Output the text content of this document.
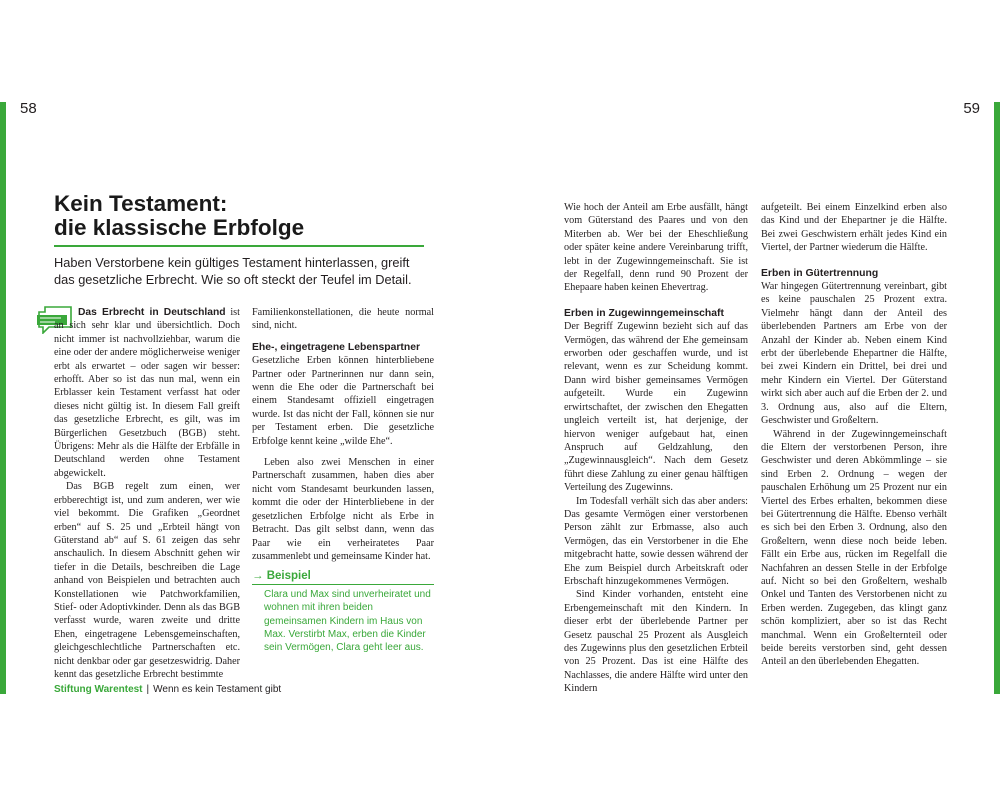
58	59
Kein Testament:
die klassische Erbfolge

Haben Verstorbene kein gültiges Testament hinterlassen, greift das gesetzliche Erbrecht. Wie so oft steckt der Teufel im Detail.

Das Erbrecht in Deutschland ist an sich sehr klar und übersichtlich. Doch nicht immer ist nachvollziehbar, warum die eine oder der andere möglicherweise weniger erbt als erwartet – oder sagen wir besser: erhofft. Aber so ist das nun mal, wenn ein Erblasser kein Testament verfasst hat oder dieses nicht gültig ist. In diesem Fall greift das gesetzliche Erbrecht, es gilt, was im Bürgerlichen Gesetzbuch (BGB) steht. Übrigens: Mehr als die Hälfte der Erbfälle in Deutschland werden ohne Testament abgewickelt.

Das BGB regelt zum einen, wer erbberechtigt ist, und zum anderen, wer wie viel bekommt. Die Grafiken „Geordnet erben“ auf S. 25 und „Erbteil hängt von Güterstand ab“ auf S. 61 zeigen das sehr anschaulich. In diesem Abschnitt gehen wir tiefer in die Details, beschreiben die Lage anhand von Beispielen und betrachten auch Konstellationen wie Patchworkfamilien, Stief- oder Adoptivkinder. Denn als das BGB verfasst wurde, waren zweite und dritte Ehen, eingetragene Lebensgemeinschaften, gleichgeschlechtliche Partnerschaften etc. nicht denkbar oder gar gesetzeswidrig. Daher kennt das gesetzliche Erbrecht bestimmte

Familienkonstellationen, die heute normal sind, nicht.

Ehe-, eingetragene Lebenspartner

Gesetzliche Erben können hinterbliebene Partner oder Partnerinnen nur dann sein, wenn die Ehe oder die Partnerschaft bei einem Standesamt offiziell eingetragen wurde. Ist das nicht der Fall, können sie nur per Testament erben. Die gesetzliche Erbfolge kennt keine „wilde Ehe“.

Leben also zwei Menschen in einer Partnerschaft zusammen, haben dies aber nicht vom Standesamt beurkunden lassen, kommt die oder der Hinterbliebene in der gesetzlichen Erbfolge nicht als Erbe in Betracht. Das gilt selbst dann, wenn das Paar wie ein verheiratetes Paar zusammenlebt und gemeinsame Kinder hat.

→ Beispiel

Clara und Max sind unverheiratet und wohnen mit ihren beiden gemeinsamen Kindern im Haus von Max. Verstirbt Max, erben die Kinder sein Vermögen, Clara geht leer aus.

Stiftung Warentest | Wenn es kein Testament gibt

Wie hoch der Anteil am Erbe ausfällt, hängt vom Güterstand des Paares und von den Miterben ab. Wer bei der Eheschließung oder später keine andere Vereinbarung trifft, lebt in der Zugewinngemeinschaft. Sie ist der Regelfall, denn rund 90 Prozent der Ehepaare haben keinen Ehevertrag.

Erben in Zugewinngemeinschaft

Der Begriff Zugewinn bezieht sich auf das Vermögen, das während der Ehe gemeinsam erworben oder geschaffen wurde, und ist relevant, wenn es zur Scheidung kommt. Dann wird bisher gemeinsames Vermögen aufgeteilt. Wurde ein Zugewinn erwirtschaftet, der zwischen den Ehegatten ungleich verteilt ist, hat derjenige, der hiervon weniger aufgebaut hat, einen Anspruch auf Geldzahlung, den „Zugewinnausgleich“. Nach dem Gesetz führt diese Zahlung zu einer genau hälftigen Verteilung des Zugewinns.

Im Todesfall verhält sich das aber anders: Das gesamte Vermögen einer verstorbenen Person zählt zur Erbmasse, also auch Vermögen, das ein Verstorbener in die Ehe mitgebracht hatte, sowie dessen während der Ehe zum Beispiel durch Arbeitskraft oder Erbschaft hinzugekommenes Vermögen.

Sind Kinder vorhanden, entsteht eine Erbengemeinschaft mit den Kindern. In dieser erbt der überlebende Partner per Gesetz pauschal 25 Prozent als Ausgleich des Zugewinns plus den gesetzlichen Erbteil von 25 Prozent. Das ist eine Hälfte des Nachlasses, die andere Hälfte wird unter den Kindern

aufgeteilt. Bei einem Einzelkind erben also das Kind und der Ehepartner je die Hälfte. Bei zwei Geschwistern erhält jedes Kind ein Viertel, der Partner wiederum die Hälfte.

Erben in Gütertrennung

War hingegen Gütertrennung vereinbart, gibt es keine pauschalen 25 Prozent extra. Vielmehr hängt dann der Anteil des überlebenden Partners am Erbe von der Anzahl der Kinder ab. Neben einem Kind erbt der überlebende Ehepartner die Hälfte, bei zwei Kindern ein Drittel, bei drei und mehr Kindern ein Viertel. Der Güterstand wirkt sich aber auch auf die Erben der 2. und 3. Ordnung aus, also auf die Eltern, Geschwister und Großeltern.

Während in der Zugewinngemeinschaft die Eltern der verstorbenen Person, ihre Geschwister und deren Abkömmlinge – sie sind Erben 2. Ordnung – wegen der pauschalen Erhöhung um 25 Prozent nur ein Viertel des Erbes erhalten, bekommen diese bei Gütertrennung die Hälfte. Ebenso verhält es sich bei den Erben 3. Ordnung, also den Großeltern, wenn diese noch beide leben. Fällt ein Erbe aus, rücken im Regelfall die Nachfahren an dessen Stelle in der Erbfolge auf. Nicht so bei den Großeltern, weshalb Onkel und Tanten des Verstorbenen nicht zu Erben werden. Zugegeben, das klingt ganz schön kompliziert, aber so ist das Recht manchmal. Wenn ein Großelternteil oder beide bereits verstorben sind, geht dessen Anteil an den überlebenden Ehegatten.
